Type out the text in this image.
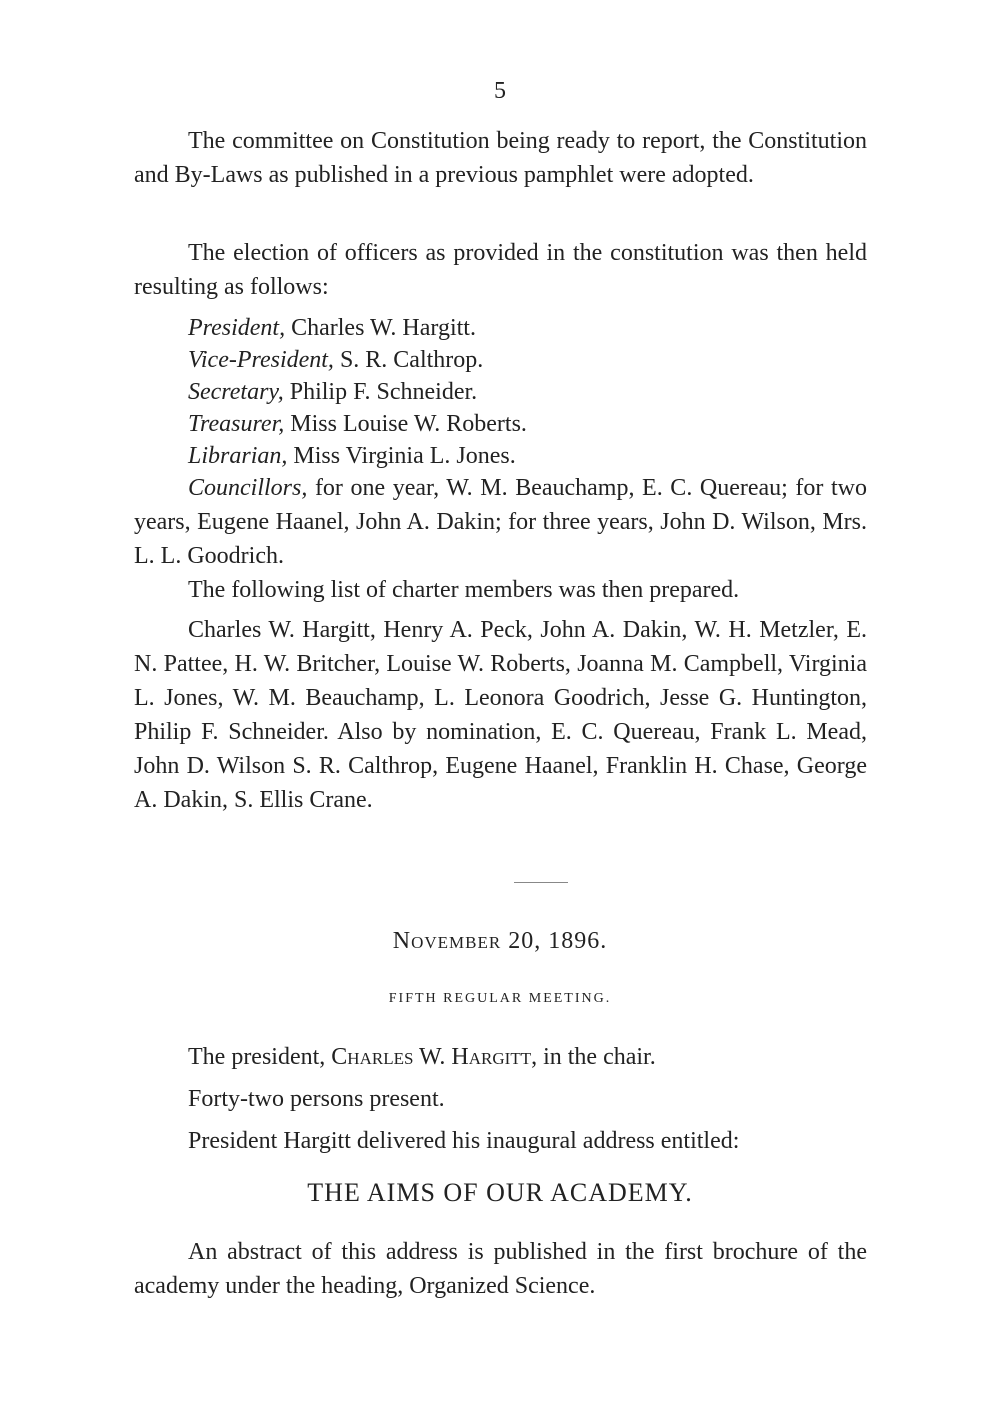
5

The committee on Constitution being ready to report, the Constitution and By-Laws as published in a previous pamphlet were adopted.

The election of officers as provided in the constitution was then held resulting as follows:

President, Charles W. Hargitt.

Vice-President, S. R. Calthrop.

Secretary, Philip F. Schneider.

Treasurer, Miss Louise W. Roberts.

Librarian, Miss Virginia L. Jones.

Councillors, for one year, W. M. Beauchamp, E. C. Quereau; for two years, Eugene Haanel, John A. Dakin; for three years, John D. Wilson, Mrs. L. L. Goodrich.

The following list of charter members was then prepared.

Charles W. Hargitt, Henry A. Peck, John A. Dakin, W. H. Metzler, E. N. Pattee, H. W. Britcher, Louise W. Roberts, Joanna M. Campbell, Virginia L. Jones, W. M. Beauchamp, L. Leonora Goodrich, Jesse G. Huntington, Philip F. Schneider. Also by nomination, E. C. Quereau, Frank L. Mead, John D. Wilson S. R. Calthrop, Eugene Haanel, Franklin H. Chase, George A. Dakin, S. Ellis Crane.

November 20, 1896.
FIFTH REGULAR MEETING.

The president, Charles W. Hargitt, in the chair.

Forty-two persons present.

President Hargitt delivered his inaugural address entitled:

THE AIMS OF OUR ACADEMY.

An abstract of this address is published in the first brochure of the academy under the heading, Organized Science.
